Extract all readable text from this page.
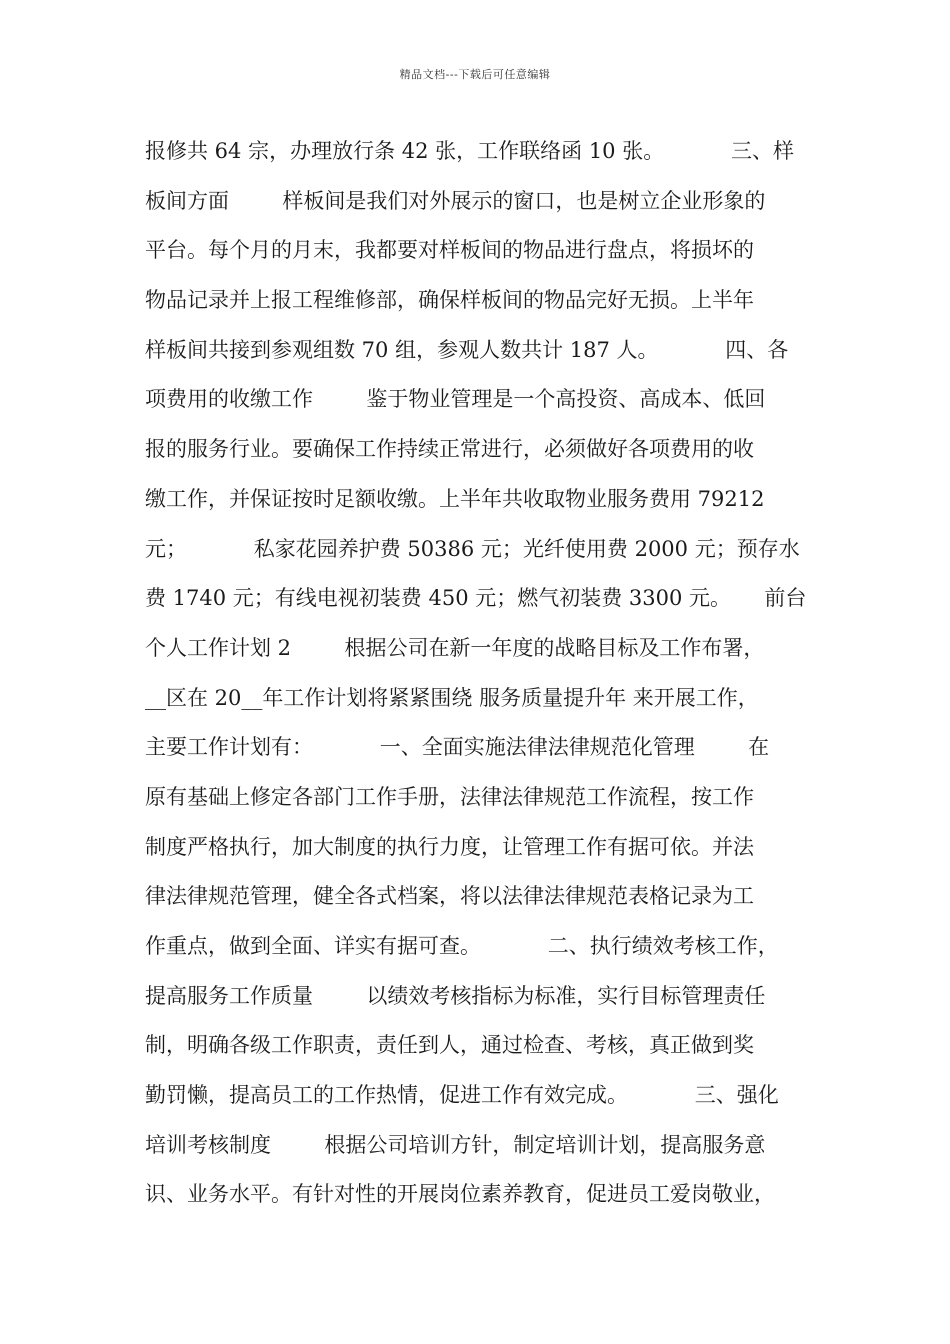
精品文档---下载后可任意编辑
报修共 64 宗，办理放行条 42 张，工作联络函 10 张。          三、样
板间方面        样板间是我们对外展示的窗口，也是树立企业形象的
平台。每个月的月末，我都要对样板间的物品进行盘点，将损坏的
物品记录并上报工程维修部，确保样板间的物品完好无损。上半年
样板间共接到参观组数 70 组，参观人数共计 187 人。          四、各
项费用的收缴工作        鉴于物业管理是一个高投资、高成本、低回
报的服务行业。要确保工作持续正常进行，必须做好各项费用的收
缴工作，并保证按时足额收缴。上半年共收取物业服务费用 79212
元；          私家花园养护费 50386 元；光纤使用费 2000 元；预存水
费 1740 元；有线电视初装费 450 元；燃气初装费 3300 元。     前台
个人工作计划 2        根据公司在新一年度的战略目标及工作布署，
__区在 20__年工作计划将紧紧围绕 服务质量提升年 来开展工作，
主要工作计划有：          一、全面实施法律法律规范化管理        在
原有基础上修定各部门工作手册，法律法律规范工作流程，按工作
制度严格执行，加大制度的执行力度，让管理工作有据可依。并法
律法律规范管理，健全各式档案，将以法律法律规范表格记录为工
作重点，做到全面、详实有据可查。          二、执行绩效考核工作，
提高服务工作质量        以绩效考核指标为标准，实行目标管理责任
制，明确各级工作职责，责任到人，通过检查、考核，真正做到奖
勤罚懒，提高员工的工作热情，促进工作有效完成。          三、强化
培训考核制度        根据公司培训方针，制定培训计划，提高服务意
识、业务水平。有针对性的开展岗位素养教育，促进员工爱岗敬业，
